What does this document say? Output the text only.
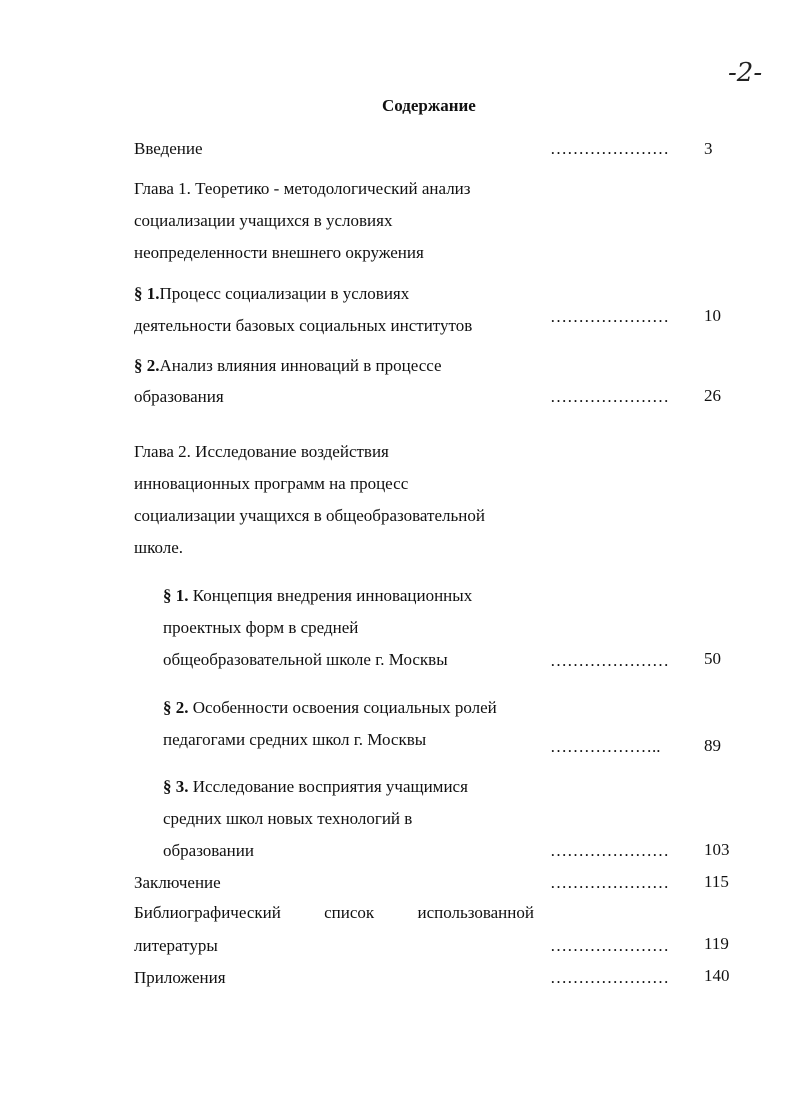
-2-
Содержание
Введение	………………… 3
Глава 1. Теоретико - методологический анализ
социализации учащихся в условиях
неопределенности внешнего окружения
§ 1.Процесс социализации в условиях
деятельности базовых социальных институтов	………………… 10
§ 2.Анализ влияния инноваций в процессе
образования	………………… 26
Глава 2. Исследование воздействия
инновационных программ на процесс
социализации учащихся в общеобразовательной
школе.
§ 1. Концепция внедрения инновационных
проектных форм в средней
общеобразовательной школе г. Москвы	………………… 50
§ 2. Особенности освоения социальных ролей
педагогами средних школ г. Москвы	………………..	89
§ 3. Исследование восприятия учащимися
средних школ новых технологий в
образовании	………………… 103
Заключение	………………… 115
Библиографический	список	использованной
литературы	………………… 119
Приложения	………………… 140
